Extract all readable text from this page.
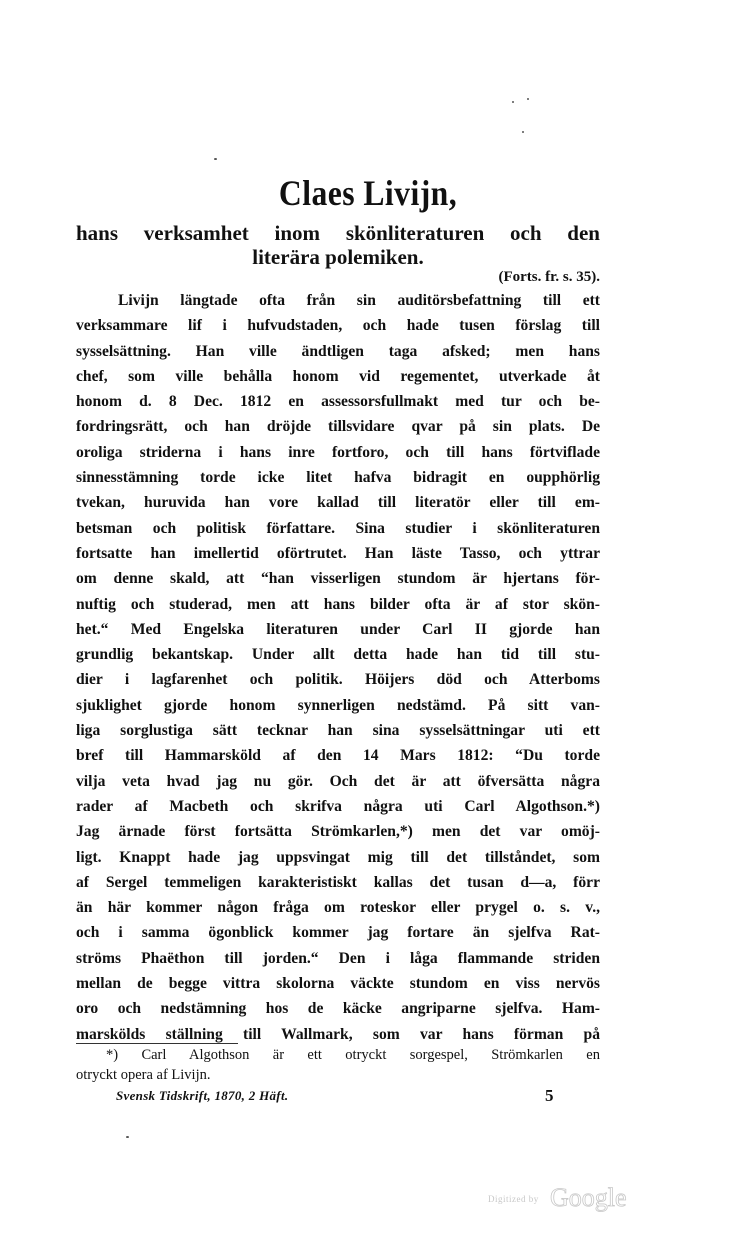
Claes Livijn,

hans verksamhet inom skönliteraturen och den

literära polemiken.

(Forts. fr. s. 35).

Livijn längtade ofta från sin auditörsbefattning till ett
verksammare lif i hufvudstaden, och hade tusen förslag till
sysselsättning. Han ville ändtligen taga afsked; men hans
chef, som ville behålla honom vid regementet, utverkade åt
honom d. 8 Dec. 1812 en assessorsfullmakt med tur och be-
fordringsrätt, och han dröjde tillsvidare qvar på sin plats. De
oroliga striderna i hans inre fortforo, och till hans förtviflade
sinnesstämning torde icke litet hafva bidragit en oupphörlig
tvekan, huruvida han vore kallad till literatör eller till em-
betsman och politisk författare. Sina studier i skönliteraturen
fortsatte han imellertid oförtrutet. Han läste Tasso, och yttrar
om denne skald, att “han visserligen stundom är hjertans för-
nuftig och studerad, men att hans bilder ofta är af stor skön-
het.“ Med Engelska literaturen under Carl II gjorde han
grundlig bekantskap. Under allt detta hade han tid till stu-
dier i lagfarenhet och politik. Höijers död och Atterboms
sjuklighet gjorde honom synnerligen nedstämd. På sitt van-
liga sorglustiga sätt tecknar han sina sysselsättningar uti ett
bref till Hammarsköld af den 14 Mars 1812: “Du torde
vilja veta hvad jag nu gör. Och det är att öfversätta några
rader af Macbeth och skrifva några uti Carl Algothson.*)
Jag ärnade först fortsätta Strömkarlen,*) men det var omöj-
ligt. Knappt hade jag uppsvingat mig till det tillståndet, som
af Sergel temmeligen karakteristiskt kallas det tusan d—a, förr
än här kommer någon fråga om roteskor eller prygel o. s. v.,
och i samma ögonblick kommer jag fortare än sjelfva Rat-
ströms Phaëthon till jorden.“ Den i låga flammande striden
mellan de begge vittra skolorna väckte stundom en viss nervös
oro och nedstämning hos de käcke angriparne sjelfva. Ham-
marskölds ställning till Wallmark, som var hans förman på
*) Carl Algothson är ett otryckt sorgespel, Strömkarlen en
otryckt opera af Livijn.

Svensk Tidskrift, 1870, 2 Häft.	5

Digitized by Google
